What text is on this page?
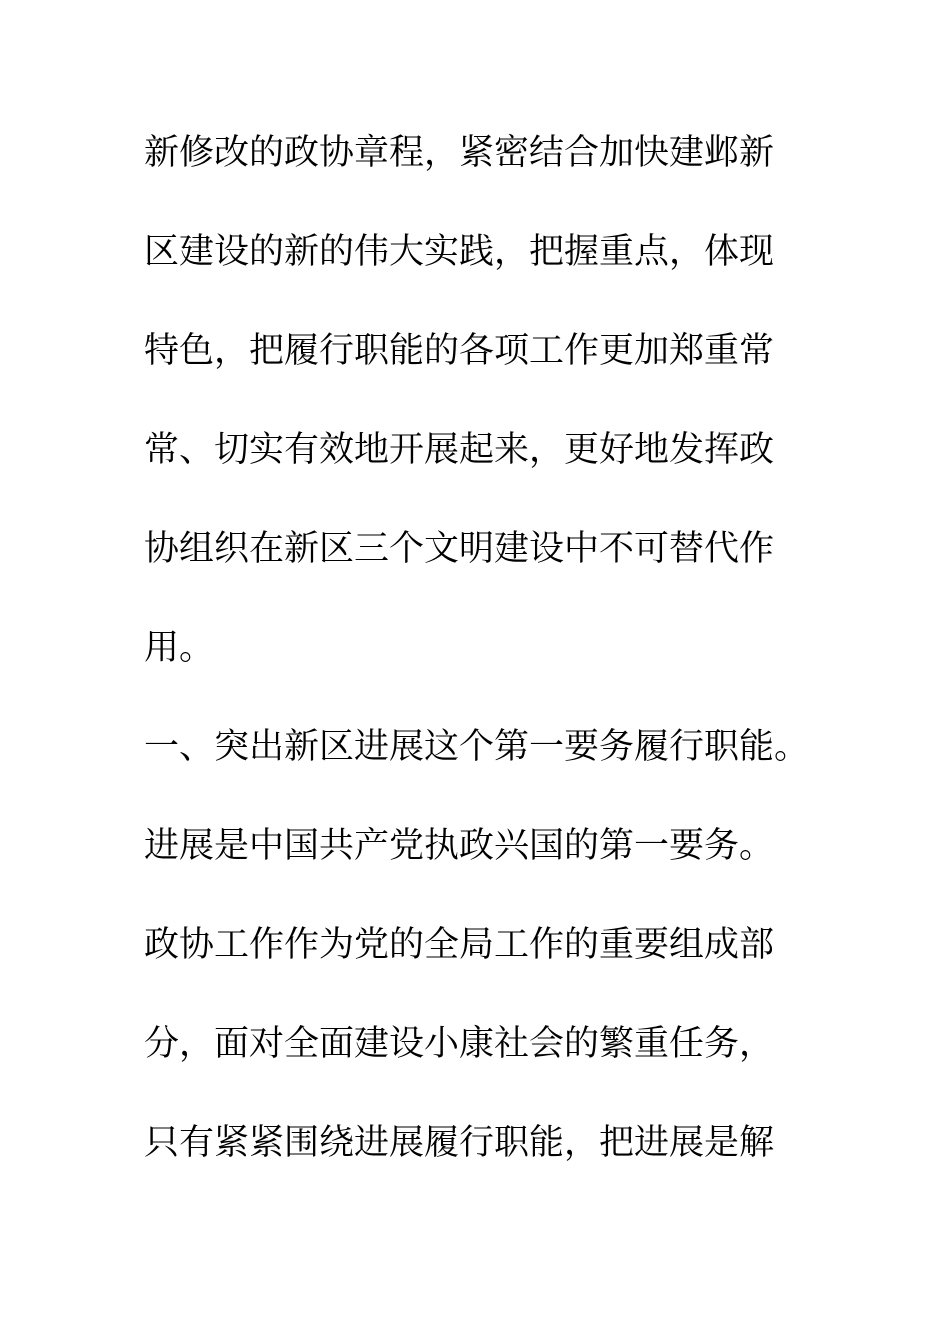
新修改的政协章程，紧密结合加快建邺新
区建设的新的伟大实践，把握重点，体现
特色，把履行职能的各项工作更加郑重常
常、切实有效地开展起来，更好地发挥政
协组织在新区三个文明建设中不可替代作
用。
一、突出新区进展这个第一要务履行职能。
进展是中国共产党执政兴国的第一要务。
政协工作作为党的全局工作的重要组成部
分，面对全面建设小康社会的繁重任务，
只有紧紧围绕进展履行职能，把进展是解
